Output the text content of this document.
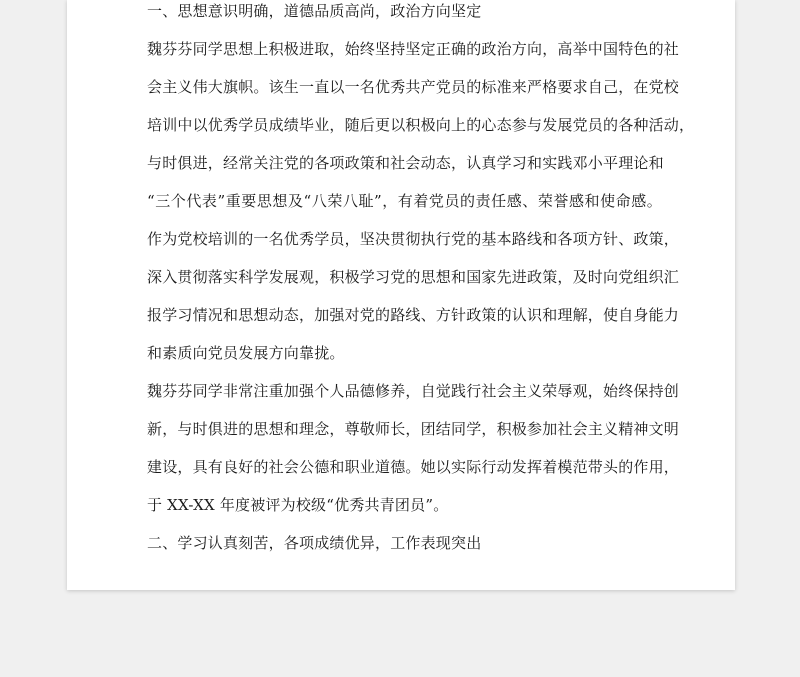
一、思想意识明确，道德品质高尚，政治方向坚定
魏芬芬同学思想上积极进取，始终坚持坚定正确的政治方向，高举中国特色的社
会主义伟大旗帜。该生一直以一名优秀共产党员的标准来严格要求自己，在党校
培训中以优秀学员成绩毕业，随后更以积极向上的心态参与发展党员的各种活动，
与时俱进，经常关注党的各项政策和社会动态，认真学习和实践邓小平理论和
“三个代表”重要思想及“八荣八耻”，有着党员的责任感、荣誉感和使命感。
作为党校培训的一名优秀学员，坚决贯彻执行党的基本路线和各项方针、政策，
深入贯彻落实科学发展观，积极学习党的思想和国家先进政策，及时向党组织汇
报学习情况和思想动态，加强对党的路线、方针政策的认识和理解，使自身能力
和素质向党员发展方向靠拢。
魏芬芬同学非常注重加强个人品德修养，自觉践行社会主义荣辱观，始终保持创
新，与时俱进的思想和理念，尊敬师长，团结同学，积极参加社会主义精神文明
建设，具有良好的社会公德和职业道德。她以实际行动发挥着模范带头的作用，
于 XX-XX 年度被评为校级“优秀共青团员”。
二、学习认真刻苦，各项成绩优异，工作表现突出
